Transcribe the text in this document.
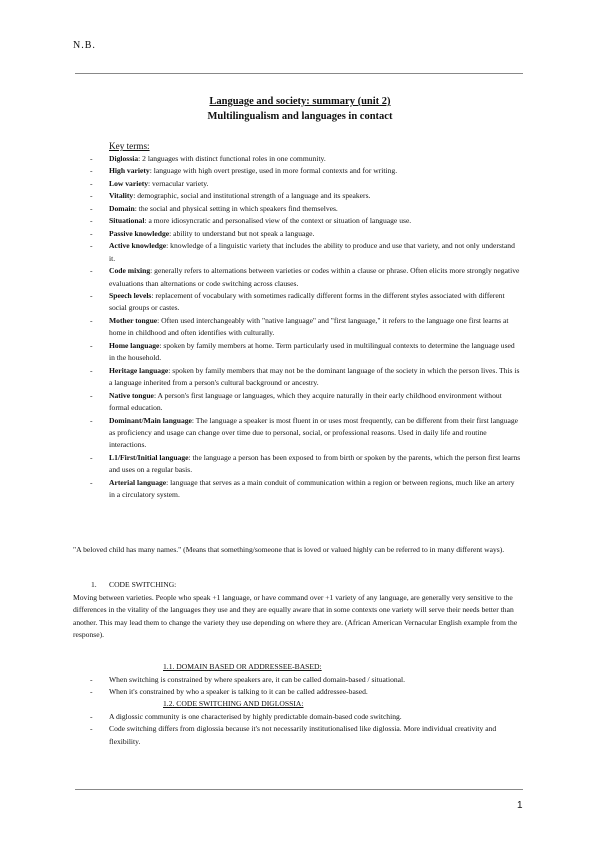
N.B.
Language and society: summary (unit 2)
Multilingualism and languages in contact
Key terms:
- Diglossia: 2 languages with distinct functional roles in one community.
- High variety: language with high overt prestige, used in more formal contexts and for writing.
- Low variety: vernacular variety.
- Vitality: demographic, social and institutional strength of a language and its speakers.
- Domain: the social and physical setting in which speakers find themselves.
- Situational: a more idiosyncratic and personalised view of the context or situation of language use.
- Passive knowledge: ability to understand but not speak a language.
- Active knowledge: knowledge of a linguistic variety that includes the ability to produce and use that variety, and not only understand it.
- Code mixing: generally refers to alternations between varieties or codes within a clause or phrase. Often elicits more strongly negative evaluations than alternations or code switching across clauses.
- Speech levels: replacement of vocabulary with sometimes radically different forms in the different styles associated with different social groups or castes.
- Mother tongue: Often used interchangeably with "native language" and "first language," it refers to the language one first learns at home in childhood and often identifies with culturally.
- Home language: spoken by family members at home. Term particularly used in multilingual contexts to determine the language used in the household.
- Heritage language: spoken by family members that may not be the dominant language of the society in which the person lives. This is a language inherited from a person's cultural background or ancestry.
- Native tongue: A person's first language or languages, which they acquire naturally in their early childhood environment without formal education.
- Dominant/Main language: The language a speaker is most fluent in or uses most frequently, can be different from their first language as proficiency and usage can change over time due to personal, social, or professional reasons. Used in daily life and routine interactions.
- L1/First/Initial language: the language a person has been exposed to from birth or spoken by the parents, which the person first learns and uses on a regular basis.
- Arterial language: language that serves as a main conduit of communication within a region or between regions, much like an artery in a circulatory system.
"A beloved child has many names." (Means that something/someone that is loved or valued highly can be referred to in many different ways).
1. CODE SWITCHING:
Moving between varieties. People who speak +1 language, or have command over +1 variety of any language, are generally very sensitive to the differences in the vitality of the languages they use and they are equally aware that in some contexts one variety will serve their needs better than another. This may lead them to change the variety they use depending on where they are. (African American Vernacular English example from the response).
1.1. DOMAIN BASED OR ADDRESSEE-BASED:
- When switching is constrained by where speakers are, it can be called domain-based / situational.
- When it's constrained by who a speaker is talking to it can be called addressee-based.
1.2. CODE SWITCHING AND DIGLOSSIA:
- A diglossic community is one characterised by highly predictable domain-based code switching.
- Code switching differs from diglossia because it's not necessarily institutionalised like diglossia. More individual creativity and flexibility.
1
